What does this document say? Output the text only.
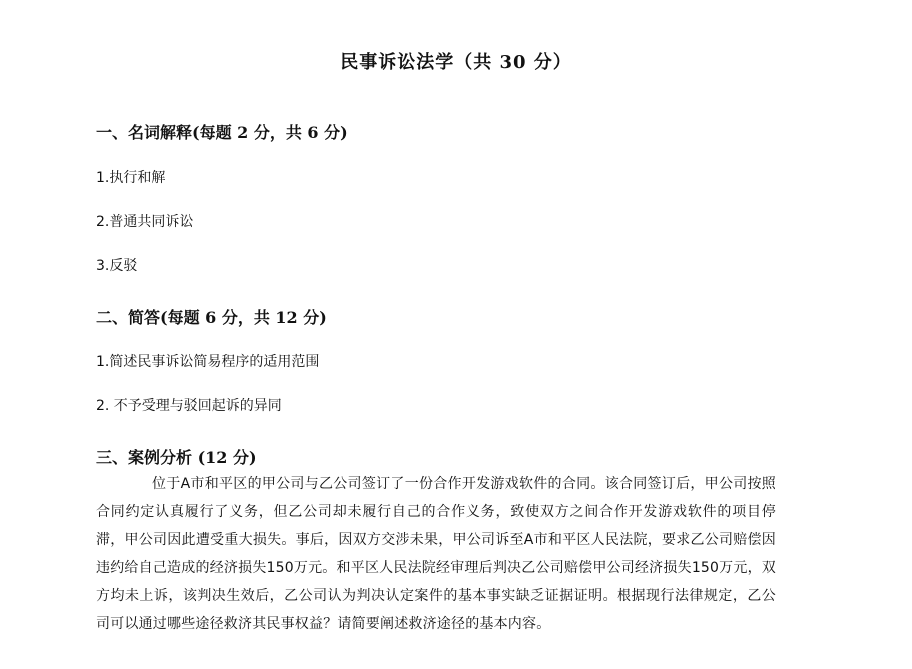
民事诉讼法学（共 30 分）
一、名词解释(每题 2 分，共 6 分)

1.执行和解

2.普通共同诉讼

3.反驳

二、简答(每题 6 分，共 12 分)

1.简述民事诉讼简易程序的适用范围

2. 不予受理与驳回起诉的异同

三、案例分析 (12 分)

位于A市和平区的甲公司与乙公司签订了一份合作开发游戏软件的合同。该合同签订后，甲公司按照合同约定认真履行了义务，但乙公司却未履行自己的合作义务，致使双方之间合作开发游戏软件的项目停滞，甲公司因此遭受重大损失。事后，因双方交涉未果，甲公司诉至A市和平区人民法院，要求乙公司赔偿因违约给自己造成的经济损失150万元。和平区人民法院经审理后判决乙公司赔偿甲公司经济损失150万元，双方均未上诉，该判决生效后，乙公司认为判决认定案件的基本事实缺乏证据证明。根据现行法律规定，乙公司可以通过哪些途径救济其民事权益？请简要阐述救济途径的基本内容。
